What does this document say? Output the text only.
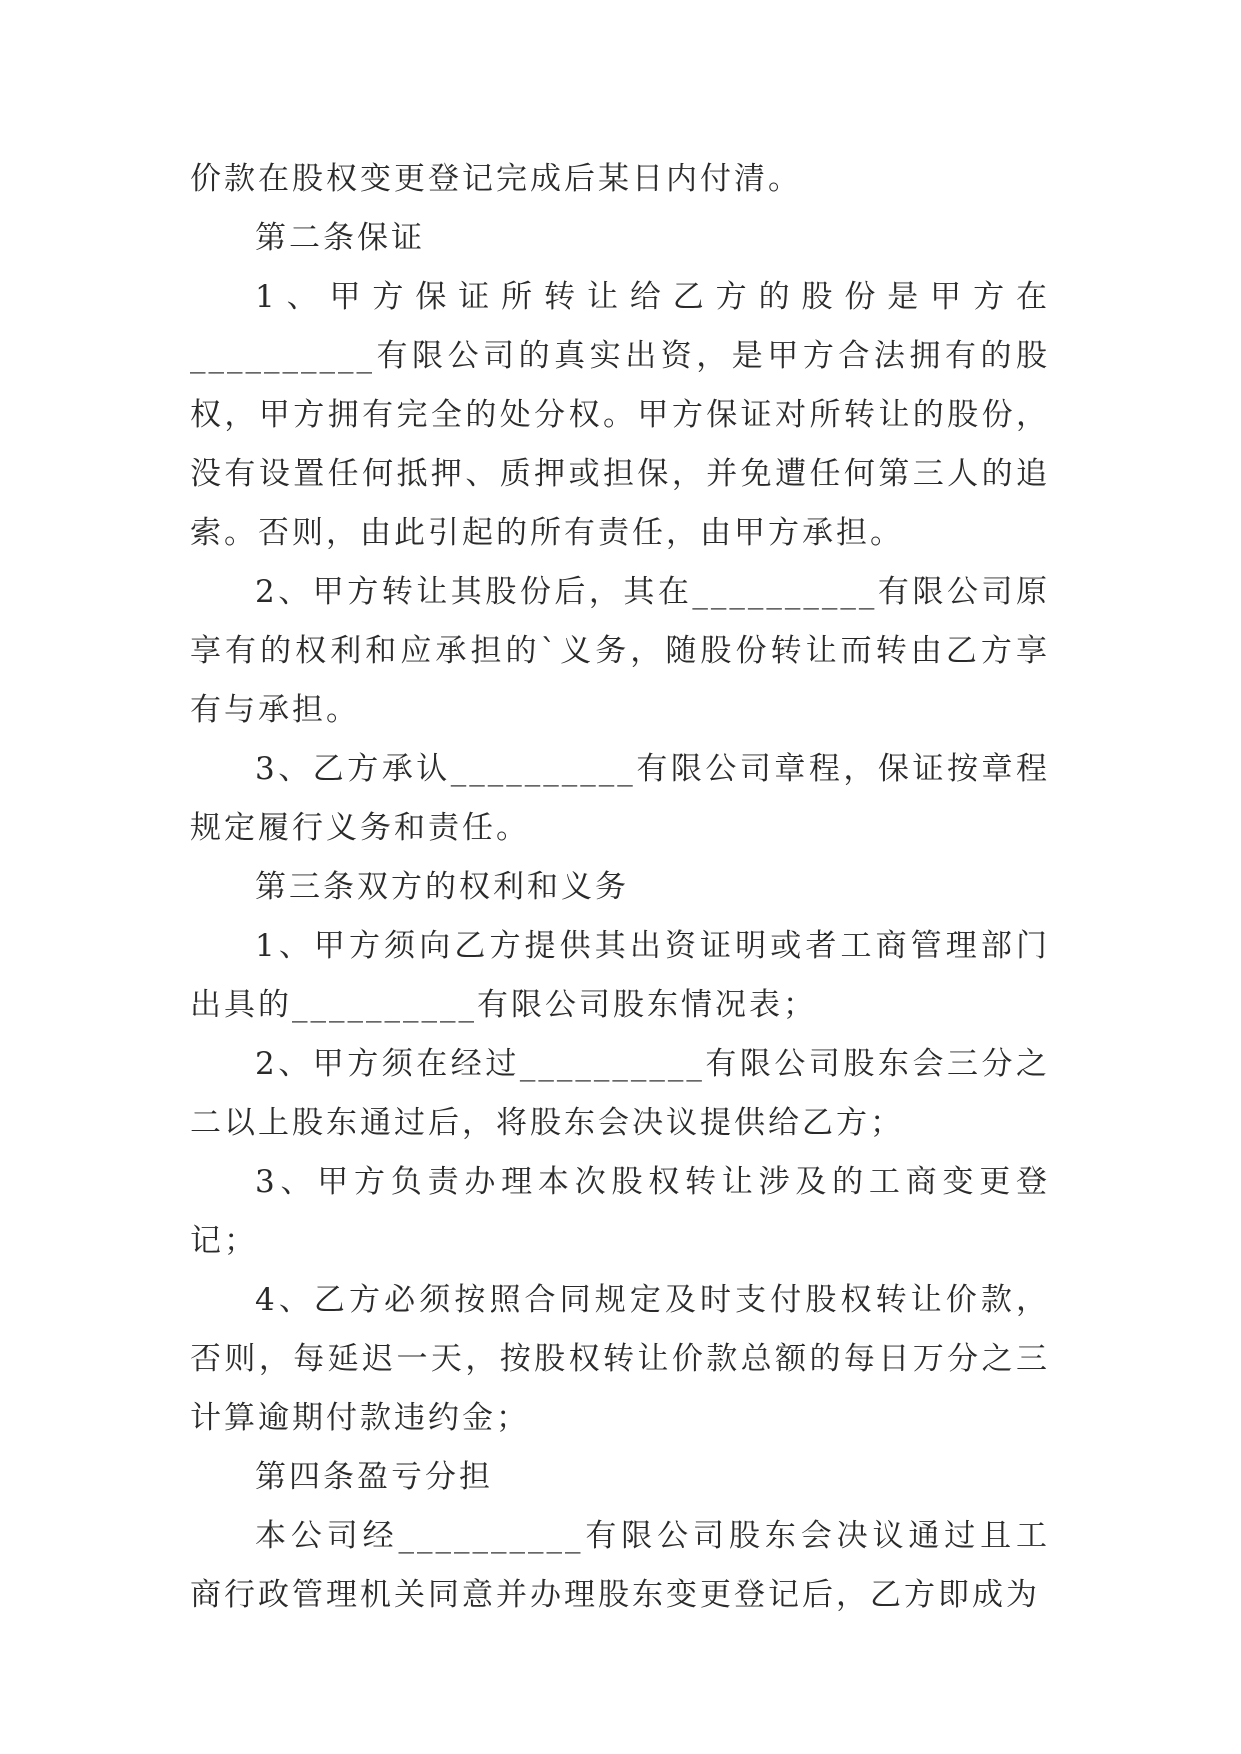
价款在股权变更登记完成后某日内付清。

第二条保证

1、甲方保证所转让给乙方的股份是甲方在__________有限公司的真实出资，是甲方合法拥有的股权，甲方拥有完全的处分权。甲方保证对所转让的股份，没有设置任何抵押、质押或担保，并免遭任何第三人的追索。否则，由此引起的所有责任，由甲方承担。

2、甲方转让其股份后，其在__________有限公司原享有的权利和应承担的`义务，随股份转让而转由乙方享有与承担。

3、乙方承认__________有限公司章程，保证按章程规定履行义务和责任。

第三条双方的权利和义务

1、甲方须向乙方提供其出资证明或者工商管理部门出具的__________有限公司股东情况表；

2、甲方须在经过__________有限公司股东会三分之二以上股东通过后，将股东会决议提供给乙方；

3、甲方负责办理本次股权转让涉及的工商变更登记；

4、乙方必须按照合同规定及时支付股权转让价款，否则，每延迟一天，按股权转让价款总额的每日万分之三计算逾期付款违约金；

第四条盈亏分担

本公司经__________有限公司股东会决议通过且工商行政管理机关同意并办理股东变更登记后，乙方即成为
